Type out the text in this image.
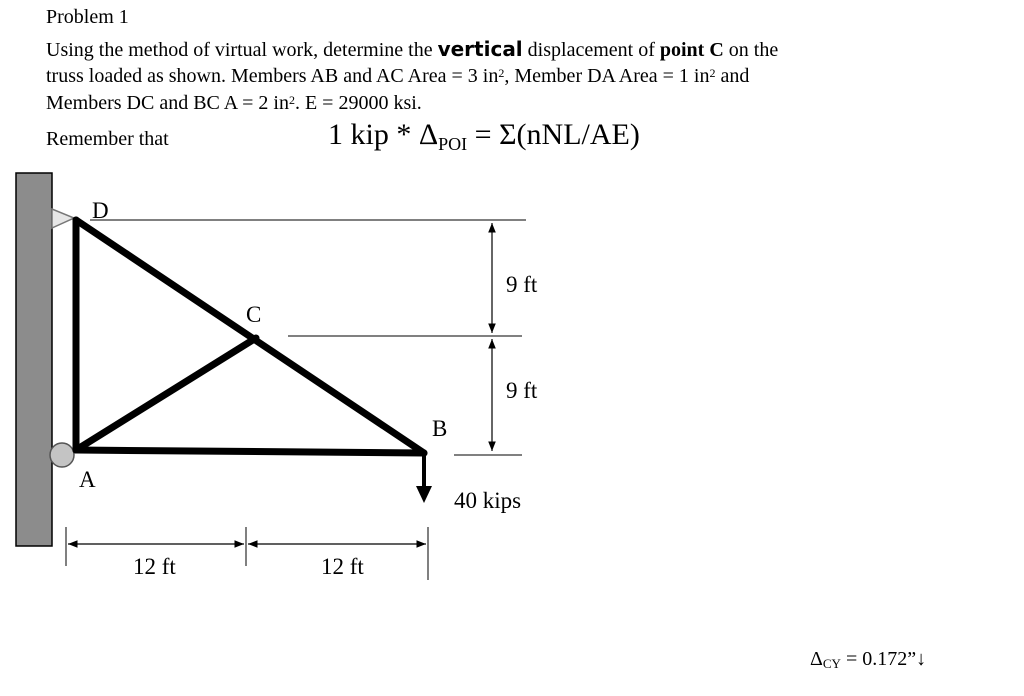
Problem 1
Using the method of virtual work, determine the vertical displacement of point C on the
truss loaded as shown. Members AB and AC Area = 3 $in^2$, Member DA Area = 1 $in^2$ and
Members DC and BC A = 2 $in^2$. E = 29000 ksi.
Remember that	1 kip * $\Delta_{POI} = \Sigma(nNL/AE)$
D
C
B
A
9 ft
9 ft
40 kips
12 ft	12 ft
$\Delta_{CY}$ = 0.172”↓
